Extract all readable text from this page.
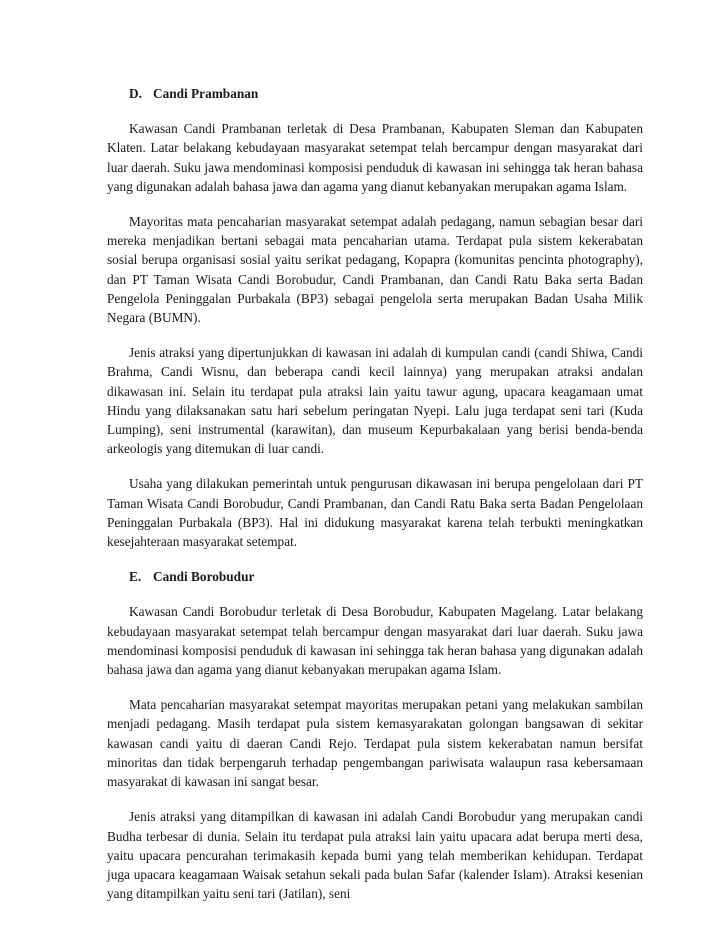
D. Candi Prambanan

Kawasan Candi Prambanan terletak di Desa Prambanan, Kabupaten Sleman dan Kabupaten Klaten. Latar belakang kebudayaan masyarakat setempat telah bercampur dengan masyarakat dari luar daerah. Suku jawa mendominasi komposisi penduduk di kawasan ini sehingga tak heran bahasa yang digunakan adalah bahasa jawa dan agama yang dianut kebanyakan merupakan agama Islam.

Mayoritas mata pencaharian masyarakat setempat adalah pedagang, namun sebagian besar dari mereka menjadikan bertani sebagai mata pencaharian utama. Terdapat pula sistem kekerabatan sosial berupa organisasi sosial yaitu serikat pedagang, Kopapra (komunitas pencinta photography), dan PT Taman Wisata Candi Borobudur, Candi Prambanan, dan Candi Ratu Baka serta Badan Pengelola Peninggalan Purbakala (BP3) sebagai pengelola serta merupakan Badan Usaha Milik Negara (BUMN).

Jenis atraksi yang dipertunjukkan di kawasan ini adalah di kumpulan candi (candi Shiwa, Candi Brahma, Candi Wisnu, dan beberapa candi kecil lainnya) yang merupakan atraksi andalan dikawasan ini. Selain itu terdapat pula atraksi lain yaitu tawur agung, upacara keagamaan umat Hindu yang dilaksanakan satu hari sebelum peringatan Nyepi. Lalu juga terdapat seni tari (Kuda Lumping), seni instrumental (karawitan), dan museum Kepurbakalaan yang berisi benda-benda arkeologis yang ditemukan di luar candi.

Usaha yang dilakukan pemerintah untuk pengurusan dikawasan ini berupa pengelolaan dari PT Taman Wisata Candi Borobudur, Candi Prambanan, dan Candi Ratu Baka serta Badan Pengelolaan Peninggalan Purbakala (BP3). Hal ini didukung masyarakat karena telah terbukti meningkatkan kesejahteraan masyarakat setempat.

E. Candi Borobudur

Kawasan Candi Borobudur terletak di Desa Borobudur, Kabupaten Magelang. Latar belakang kebudayaan masyarakat setempat telah bercampur dengan masyarakat dari luar daerah. Suku jawa mendominasi komposisi penduduk di kawasan ini sehingga tak heran bahasa yang digunakan adalah bahasa jawa dan agama yang dianut kebanyakan merupakan agama Islam.

Mata pencaharian masyarakat setempat mayoritas merupakan petani yang melakukan sambilan menjadi pedagang. Masih terdapat pula sistem kemasyarakatan golongan bangsawan di sekitar kawasan candi yaitu di daeran Candi Rejo. Terdapat pula sistem kekerabatan namun bersifat minoritas dan tidak berpengaruh terhadap pengembangan pariwisata walaupun rasa kebersamaan masyarakat di kawasan ini sangat besar.

Jenis atraksi yang ditampilkan di kawasan ini adalah Candi Borobudur yang merupakan candi Budha terbesar di dunia. Selain itu terdapat pula atraksi lain yaitu upacara adat berupa merti desa, yaitu upacara pencurahan terimakasih kepada bumi yang telah memberikan kehidupan. Terdapat juga upacara keagamaan Waisak setahun sekali pada bulan Safar (kalender Islam). Atraksi kesenian yang ditampilkan yaitu seni tari (Jatilan), seni
